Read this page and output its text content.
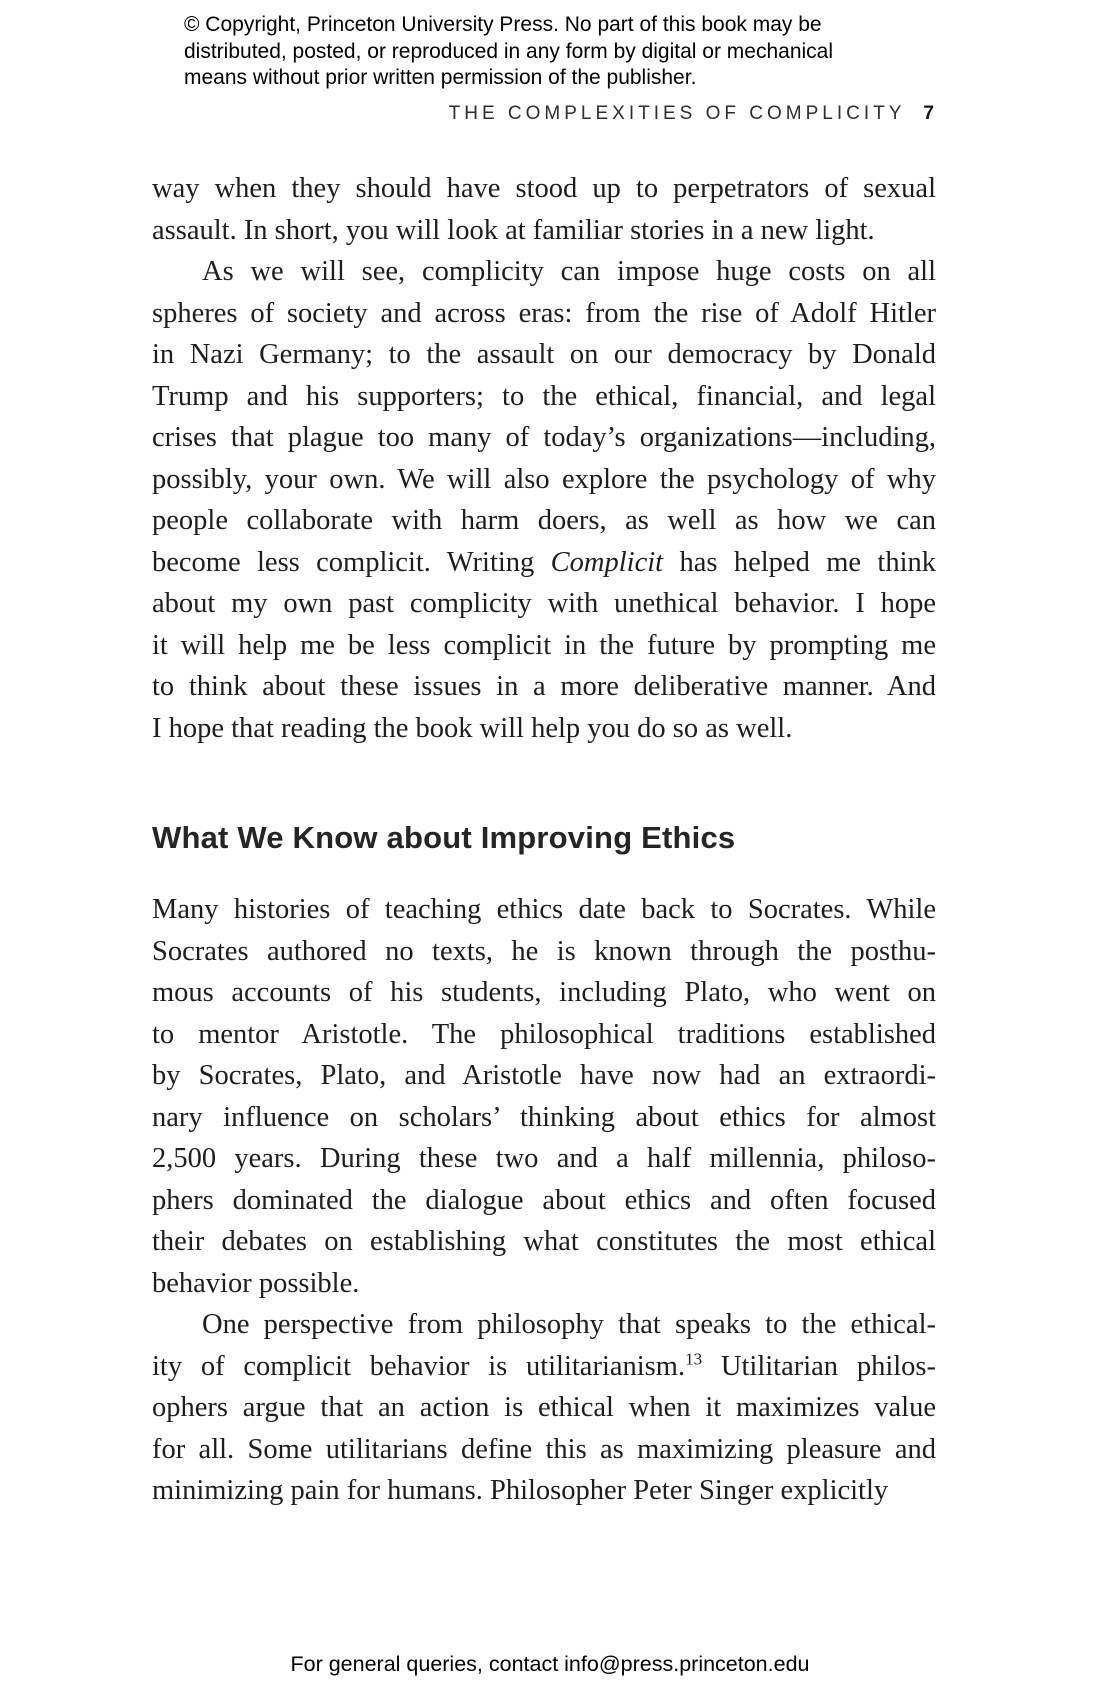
© Copyright, Princeton University Press. No part of this book may be
distributed, posted, or reproduced in any form by digital or mechanical
means without prior written permission of the publisher.
THE COMPLEXITIES OF COMPLICITY 7
way when they should have stood up to perpetrators of sexual
assault. In short, you will look at familiar stories in a new light.
As we will see, complicity can impose huge costs on all
spheres of society and across eras: from the rise of Adolf Hitler
in Nazi Germany; to the assault on our democracy by Donald
Trump and his supporters; to the ethical, financial, and legal
crises that plague too many of today’s organizations—including,
possibly, your own. We will also explore the psychology of why
people collaborate with harm doers, as well as how we can
become less complicit. Writing Complicit has helped me think
about my own past complicity with unethical behavior. I hope
it will help me be less complicit in the future by prompting me
to think about these issues in a more deliberative manner. And
I hope that reading the book will help you do so as well.
What We Know about Improving Ethics
Many histories of teaching ethics date back to Socrates. While
Socrates authored no texts, he is known through the posthu-
mous accounts of his students, including Plato, who went on
to mentor Aristotle. The philosophical traditions established
by Socrates, Plato, and Aristotle have now had an extraordi-
nary influence on scholars’ thinking about ethics for almost
2,500 years. During these two and a half millennia, philoso-
phers dominated the dialogue about ethics and often focused
their debates on establishing what constitutes the most ethical
behavior possible.
One perspective from philosophy that speaks to the ethical-
ity of complicit behavior is utilitarianism.$^{13}$ Utilitarian philos-
ophers argue that an action is ethical when it maximizes value
for all. Some utilitarians define this as maximizing pleasure and
minimizing pain for humans. Philosopher Peter Singer explicitly
For general queries, contact info@press.princeton.edu
